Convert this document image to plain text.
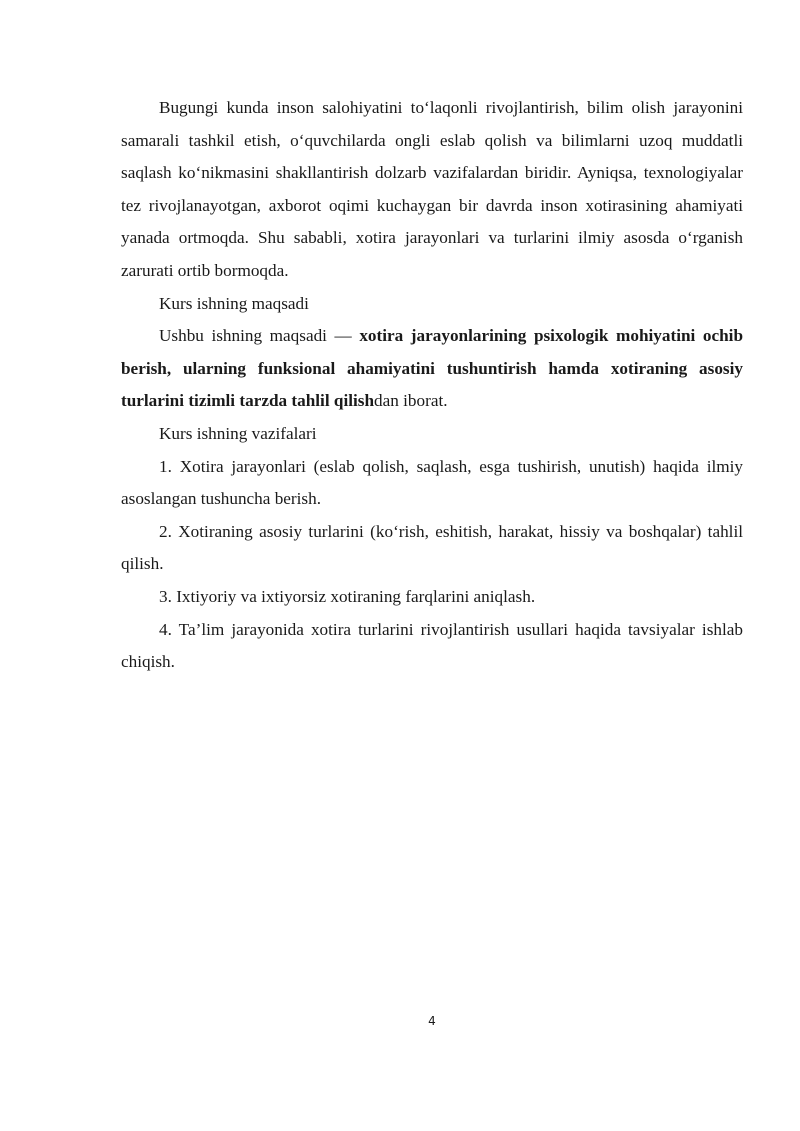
Bugungi kunda inson salohiyatini to‘laqonli rivojlantirish, bilim olish jarayonini samarali tashkil etish, o‘quvchilarda ongli eslab qolish va bilimlarni uzoq muddatli saqlash ko‘nikmasini shakllantirish dolzarb vazifalardan biridir. Ayniqsa, texnologiyalar tez rivojlanayotgan, axborot oqimi kuchaygan bir davrda inson xotirasining ahamiyati yanada ortmoqda. Shu sababli, xotira jarayonlari va turlarini ilmiy asosda o‘rganish zarurati ortib bormoqda.

Kurs ishning maqsadi

Ushbu ishning maqsadi — xotira jarayonlarining psixologik mohiyatini ochib berish, ularning funksional ahamiyatini tushuntirish hamda xotiraning asosiy turlarini tizimli tarzda tahlil qilishdan iborat.

Kurs ishning vazifalari

1. Xotira jarayonlari (eslab qolish, saqlash, esga tushirish, unutish) haqida ilmiy asoslangan tushuncha berish.

2. Xotiraning asosiy turlarini (ko‘rish, eshitish, harakat, hissiy va boshqalar) tahlil qilish.

3. Ixtiyoriy va ixtiyorsiz xotiraning farqlarini aniqlash.

4. Ta’lim jarayonida xotira turlarini rivojlantirish usullari haqida tavsiyalar ishlab chiqish.

4
